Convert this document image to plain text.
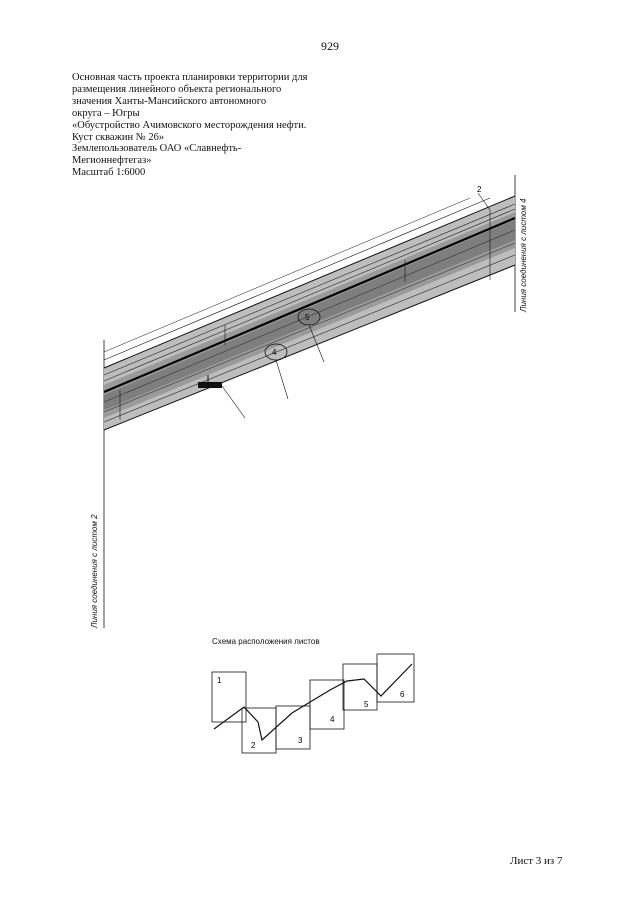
929
Основная часть проекта планировки территории для
размещения линейного объекта регионального
значения Ханты-Мансийского автономного
округа – Югры
«Обустройство Ачимовского месторождения нефти.
Куст скважин № 26»
Землепользователь ОАО «Славнефть-
Мегионнефтегаз»
Масштаб 1:6000
2
5
4
Линия соединения с листом 4
Линия соединения с листом 2
Схема расположения листов
1
2
3
4
5
6
Лист 3 из 7
